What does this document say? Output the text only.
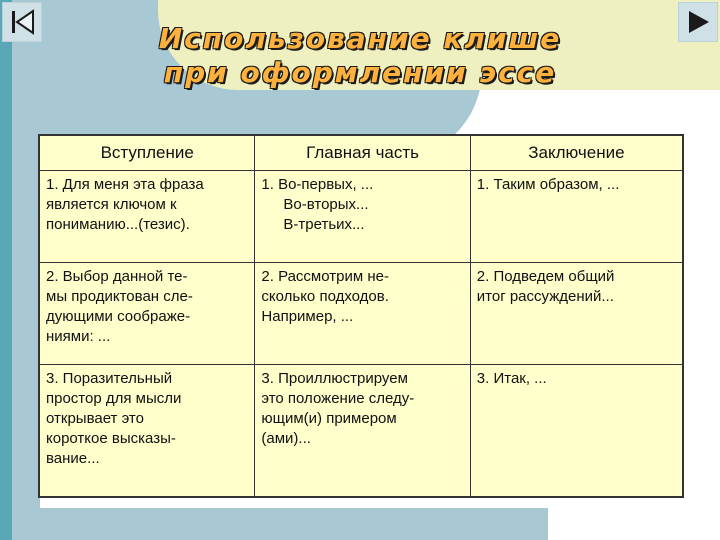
Использование клише
при оформлении эссе
Вступление	Главная часть	Заключение

1. Для меня эта фраза
является ключом к
пониманию...(тезис).	1. Во-первых, ...
Во-вторых...
В-третьих...	1. Таким образом, ...

2. Выбор данной те-
мы продиктован сле-
дующими соображе-
ниями: ...	2. Рассмотрим не-
сколько подходов.
Например, ...	2. Подведем общий
итог рассуждений...

3. Поразительный
простор для мысли
открывает это
короткое высказы-
вание...	3. Проиллюстрируем
это положение следу-
ющим(и) примером
(ами)...	3. Итак, ...
